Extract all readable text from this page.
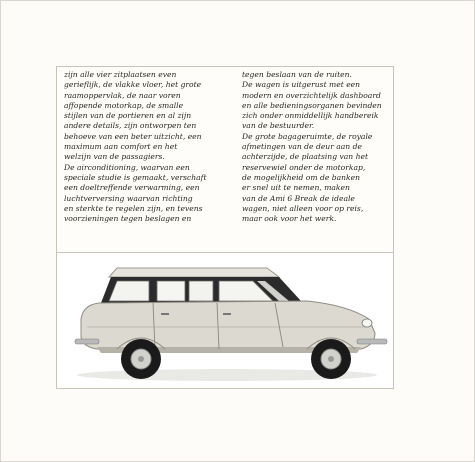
zijn alle vier zitplaatsen even

gerieflijk, de vlakke vloer, het grote

raamoppervlak, de naar voren

affopende motorkap, de smalle

stijlen van de portieren en al zijn

andere details, zijn ontworpen ten

behoeve van een beter uitzicht, een

maximum aan comfort en het

welzijn van de passagiers.

De airconditioning, waarvan een

speciale studie is gemaakt, verschaft

een doeltreffende verwarming, een

luchtverversing waarvan richting

en sterkte te regelen zijn, en tevens

voorzieningen tegen beslagen en

tegen beslaan van de ruiten.

De wagen is uitgerust met een

modern en overzichtelijk dashboard

en alle bedieningsorganen bevinden

zich onder onmiddellijk handbereik

van de bestuurder.

De grote bagageruimte, de royale

afmetingen van de deur aan de

achterzijde, de plaatsing van het

reservewiel onder de motorkap,

de mogelijkheid om de banken

er snel uit te nemen, maken

van de Ami 6 Break de ideale

wagen, niet alleen voor op reis,

maar ook voor het werk.
